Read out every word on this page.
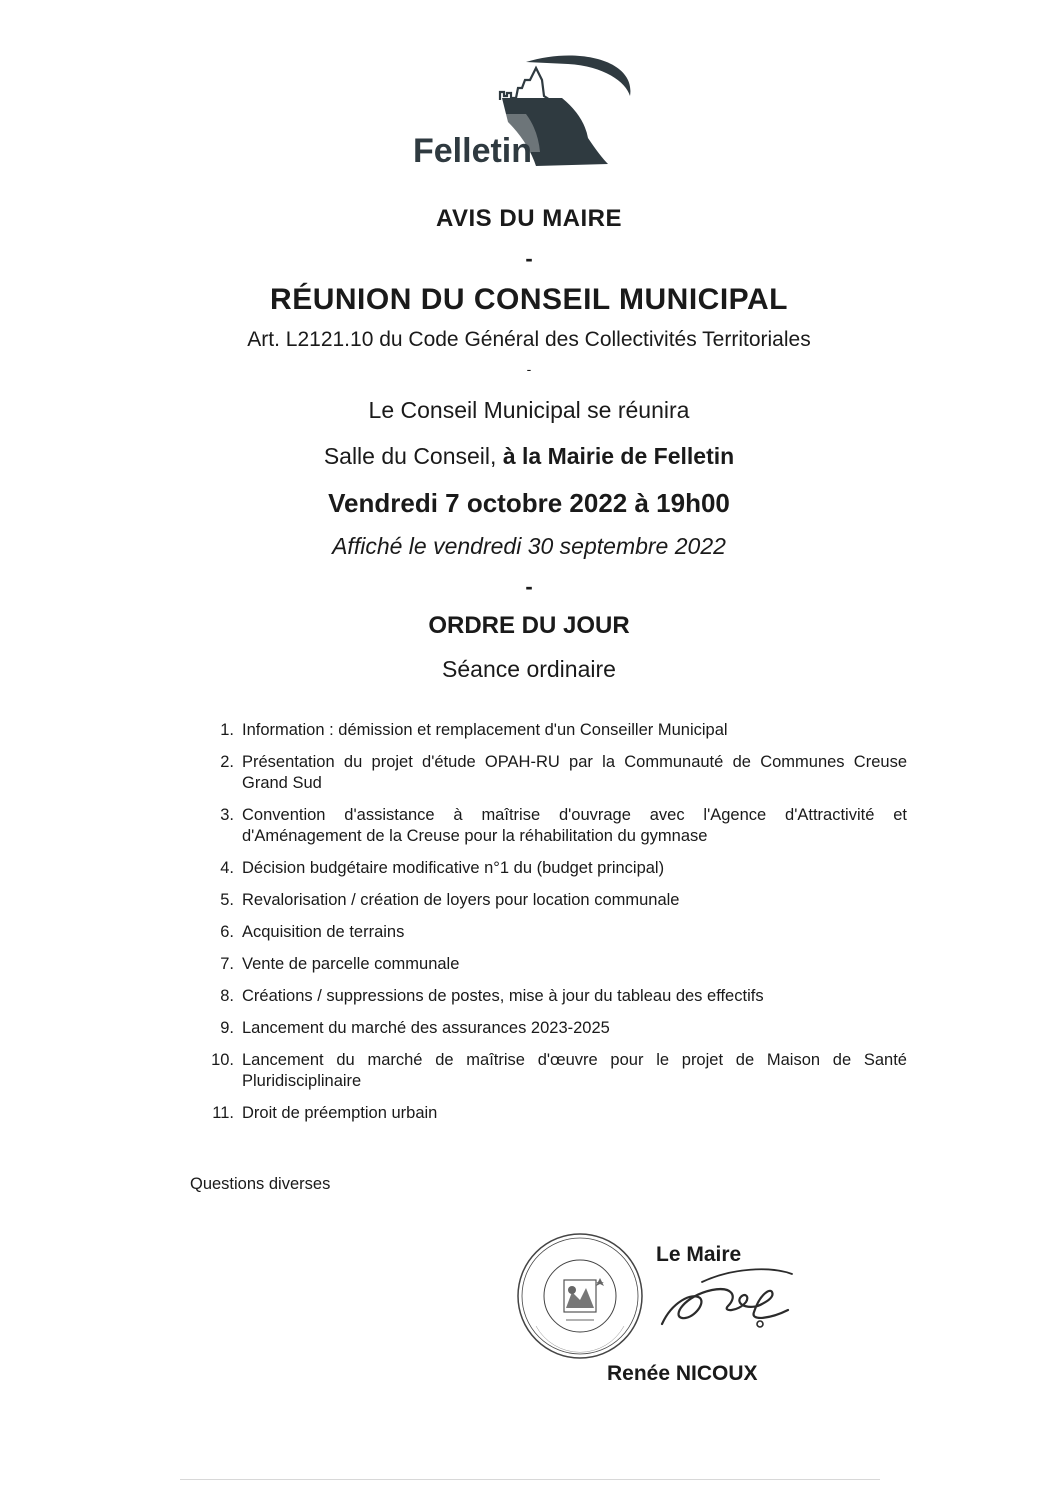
Felletin
AVIS DU MAIRE
-
RÉUNION DU CONSEIL MUNICIPAL
Art. L2121.10 du Code Général des Collectivités Territoriales
-
Le Conseil Municipal se réunira
Salle du Conseil, à la Mairie de Felletin
Vendredi 7 octobre 2022 à 19h00
Affiché le vendredi 30 septembre 2022
-
ORDRE DU JOUR
Séance ordinaire
1. Information : démission et remplacement d'un Conseiller Municipal
2. Présentation du projet d'étude OPAH-RU par la Communauté de Communes Creuse Grand Sud
3. Convention d'assistance à maîtrise d'ouvrage avec l'Agence d'Attractivité et d'Aménagement de la Creuse pour la réhabilitation du gymnase
4. Décision budgétaire modificative n°1 du (budget principal)
5. Revalorisation / création de loyers pour location communale
6. Acquisition de terrains
7. Vente de parcelle communale
8. Créations / suppressions de postes, mise à jour du tableau des effectifs
9. Lancement du marché des assurances 2023-2025
10. Lancement du marché de maîtrise d'œuvre pour le projet de Maison de Santé Pluridisciplinaire
11. Droit de préemption urbain
Questions diverses
Le Maire
Renée NICOUX
